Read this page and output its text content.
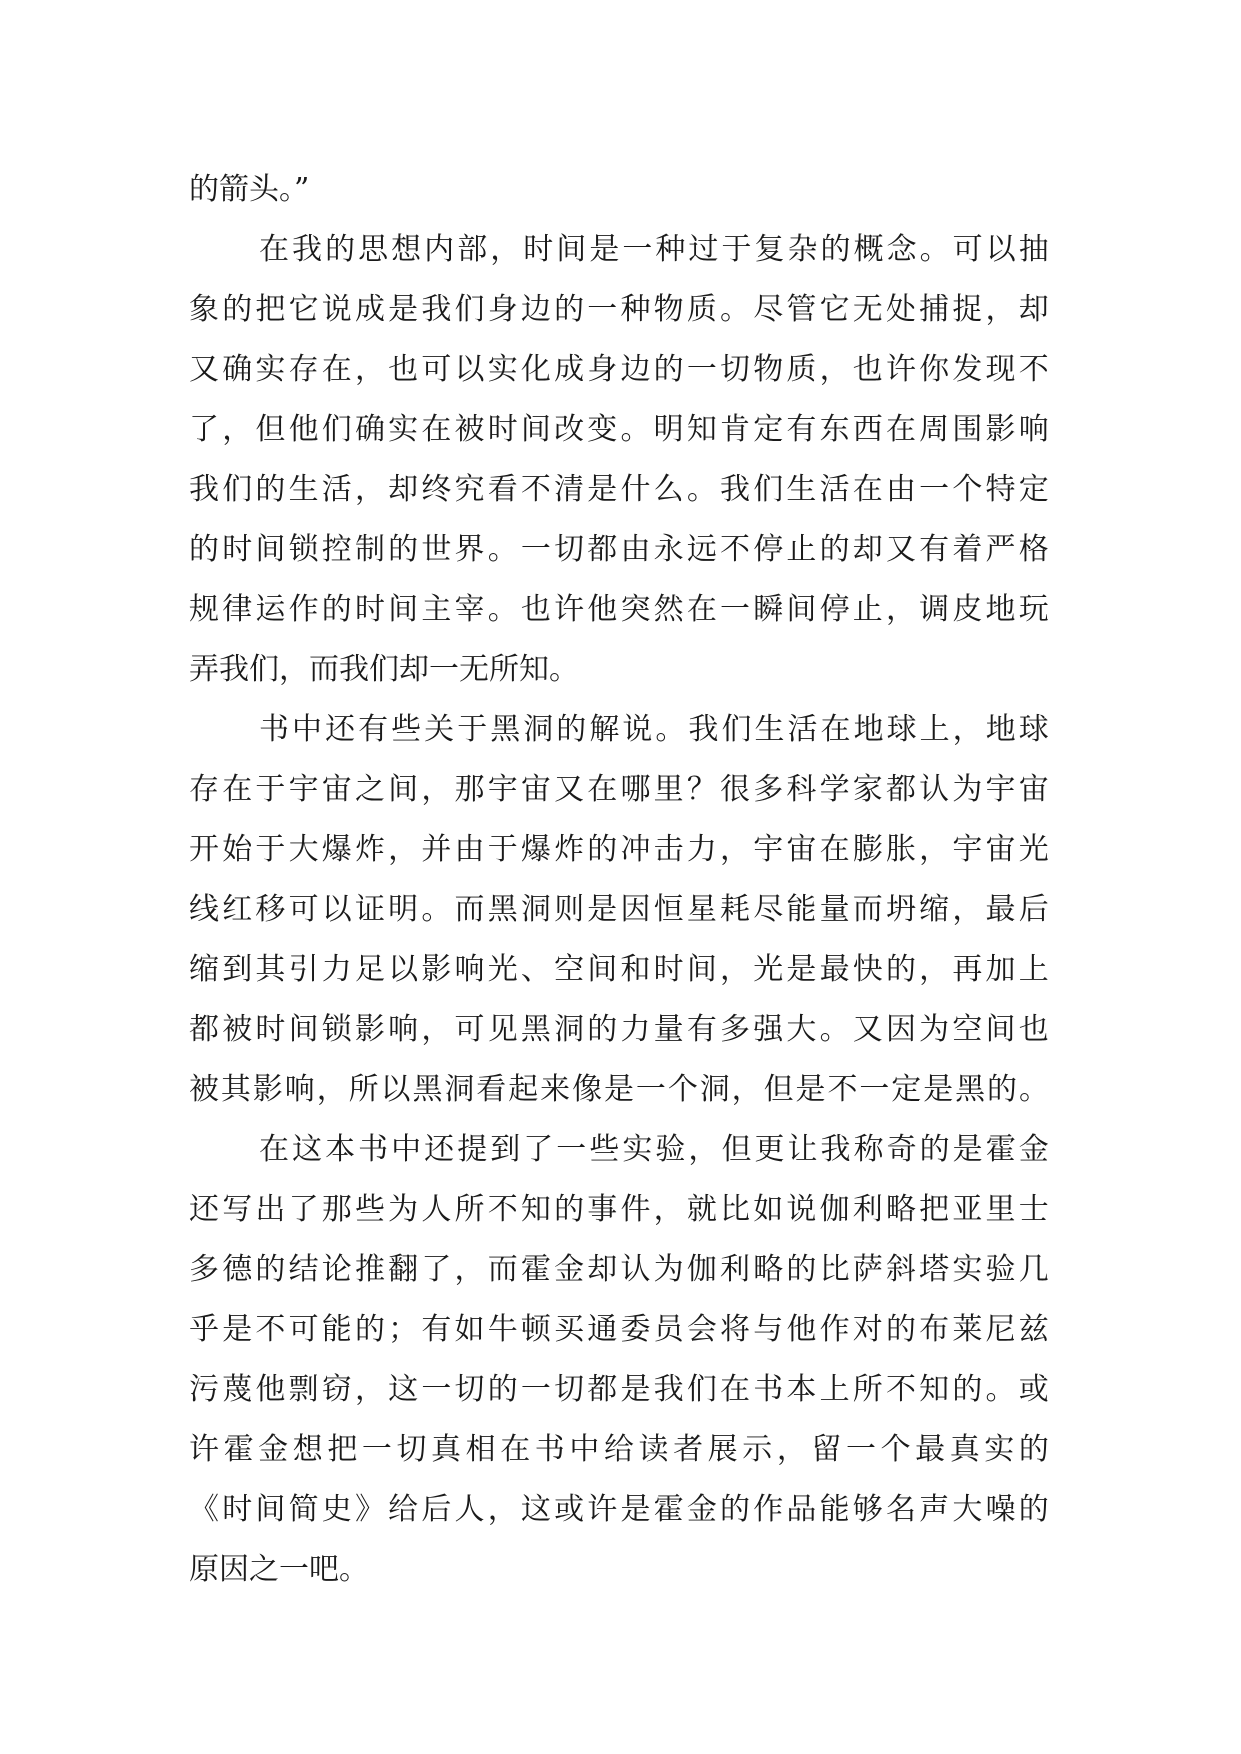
的箭头。”
在 我 的 思 想 内 部 ， 时 间 是 一 种 过 于 复 杂 的 概 念 。 可 以 抽
象 的 把 它 说 成 是 我 们 身 边 的 一 种 物 质 。 尽 管 它 无 处 捕 捉 ， 却
又 确 实 存 在 ， 也 可 以 实 化 成 身 边 的 一 切 物 质 ， 也 许 你 发 现 不
了 ， 但 他 们 确 实 在 被 时 间 改 变 。 明 知 肯 定 有 东 西 在 周 围 影 响
我 们 的 生 活 ， 却 终 究 看 不 清 是 什 么 。 我 们 生 活 在 由 一 个 特 定
的 时 间 锁 控 制 的 世 界 。 一 切 都 由 永 远 不 停 止 的 却 又 有 着 严 格
规 律 运 作 的 时 间 主 宰 。 也 许 他 突 然 在 一 瞬 间 停 止 ， 调 皮 地 玩
弄我们，而我们却一无所知。
书 中 还 有 些 关 于 黑 洞 的 解 说 。 我 们 生 活 在 地 球 上 ， 地 球
存 在 于 宇 宙 之 间 ， 那 宇 宙 又 在 哪 里 ？ 很 多 科 学 家 都 认 为 宇 宙
开 始 于 大 爆 炸 ， 并 由 于 爆 炸 的 冲 击 力 ， 宇 宙 在 膨 胀 ， 宇 宙 光
线 红 移 可 以 证 明 。 而 黑 洞 则 是 因 恒 星 耗 尽 能 量 而 坍 缩 ， 最 后
缩 到 其 引 力 足 以 影 响 光 、 空 间 和 时 间 ， 光 是 最 快 的 ， 再 加 上
都 被 时 间 锁 影 响 ， 可 见 黑 洞 的 力 量 有 多 强 大 。 又 因 为 空 间 也
被 其 影 响 ， 所 以 黑 洞 看 起 来 像 是 一 个 洞 ， 但 是 不 一 定 是 黑 的 。
在 这 本 书 中 还 提 到 了 一 些 实 验 ， 但 更 让 我 称 奇 的 是 霍 金
还 写 出 了 那 些 为 人 所 不 知 的 事 件 ， 就 比 如 说 伽 利 略 把 亚 里 士
多 德 的 结 论 推 翻 了 ， 而 霍 金 却 认 为 伽 利 略 的 比 萨 斜 塔 实 验 几
乎 是 不 可 能 的 ； 有 如 牛 顿 买 通 委 员 会 将 与 他 作 对 的 布 莱 尼 兹
污 蔑 他 剽 窃 ， 这 一 切 的 一 切 都 是 我 们 在 书 本 上 所 不 知 的 。 或
许 霍 金 想 把 一 切 真 相 在 书 中 给 读 者 展 示 ， 留 一 个 最 真 实 的
《 时 间 简 史 》 给 后 人 ， 这 或 许 是 霍 金 的 作 品 能 够 名 声 大 噪 的
原因之一吧。
